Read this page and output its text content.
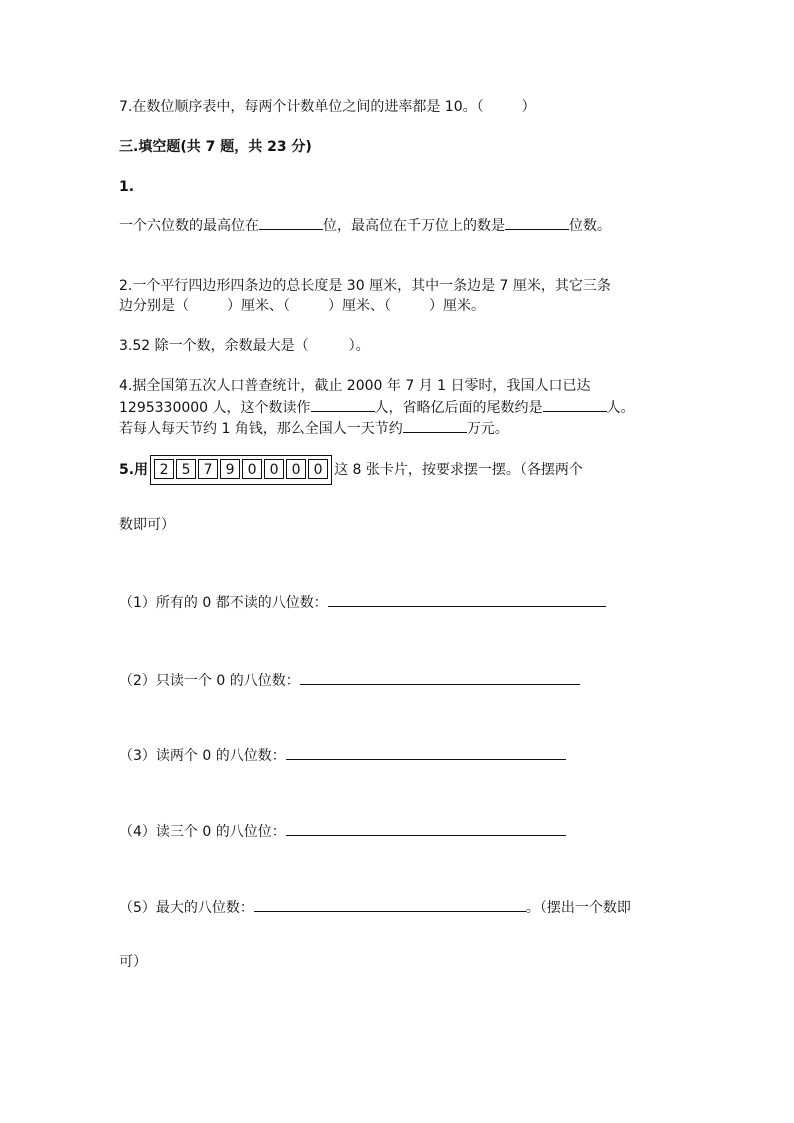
7.在数位顺序表中，每两个计数单位之间的进率都是 10。（	）
三.填空题(共 7 题，共 23 分)
1.
一个六位数的最高位在	位，最高位在千万位上的数是	位数。
2.一个平行四边形四条边的总长度是 30 厘米，其中一条边是 7 厘米，其它三条
边分别是（	）厘米、（	）厘米、（	）厘米。
3.52 除一个数，余数最大是（	）。
4.据全国第五次人口普查统计，截止 2000 年 7 月 1 日零时，我国人口已达
1295330000 人，这个数读作	人，省略亿后面的尾数约是	人。
若每人每天节约 1 角钱，那么全国人一天节约	万元。
5.用 2 5 7 9 0 0 0 0 这 8 张卡片，按要求摆一摆。（各摆两个
数即可）
（1）所有的 0 都不读的八位数：
（2）只读一个 0 的八位数：
（3）读两个 0 的八位数：
（4）读三个 0 的八位位：
（5）最大的八位数：	。（摆出一个数即
可）
